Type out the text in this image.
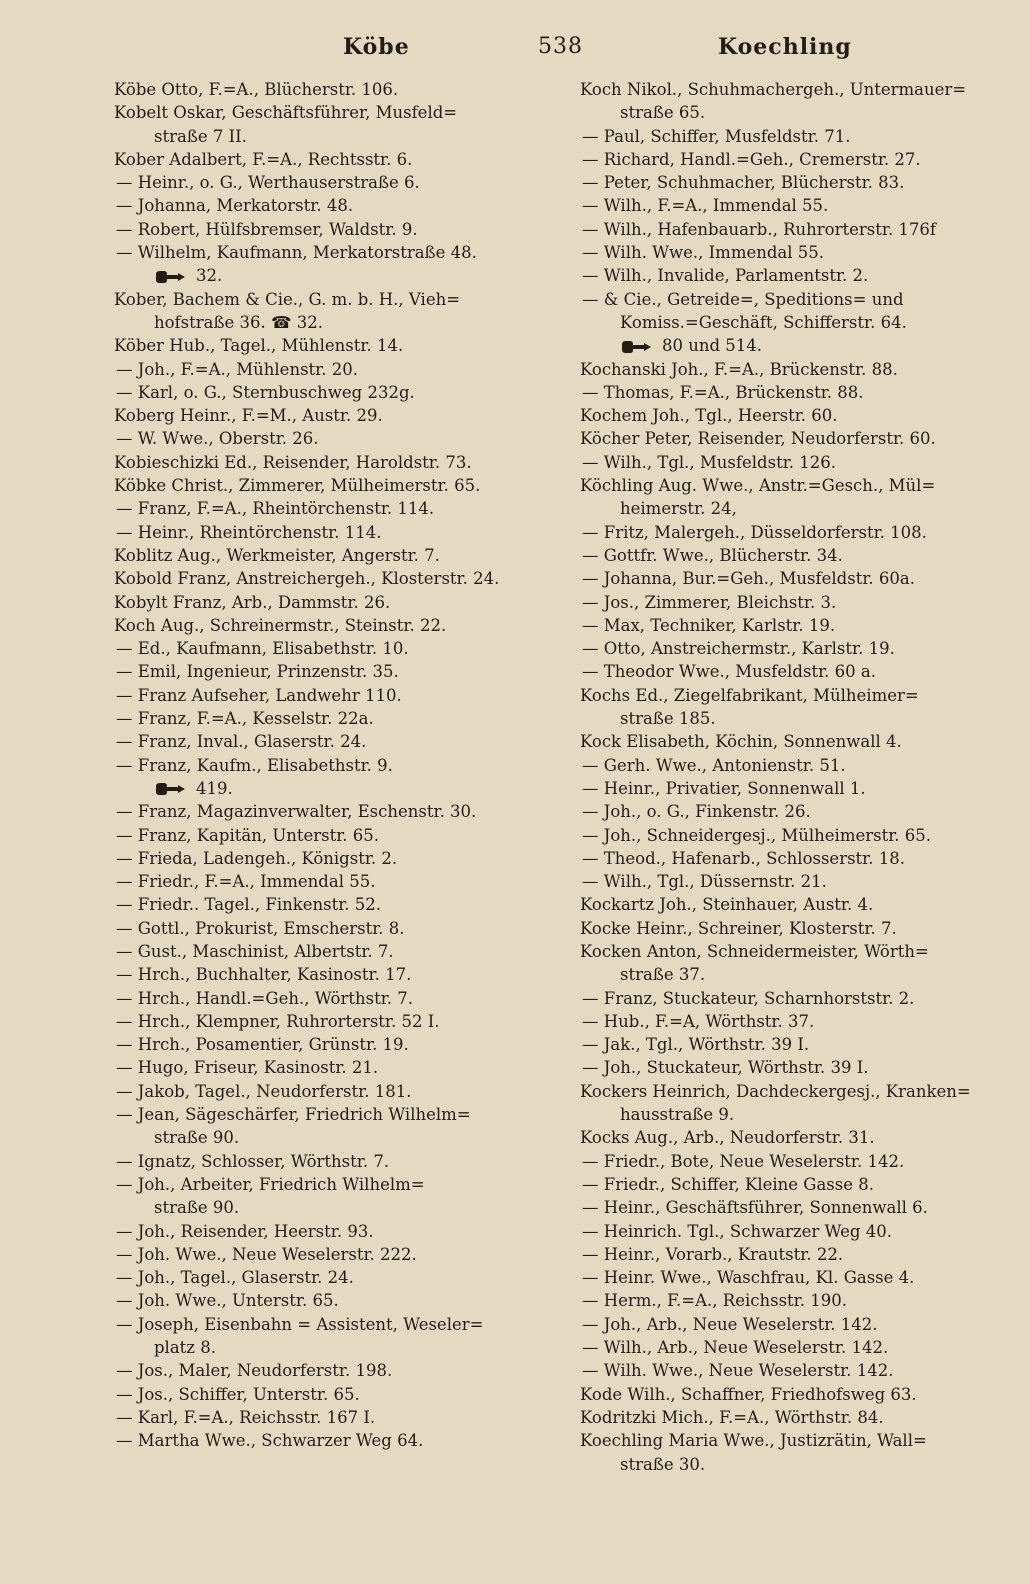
Köbe	538	Koechling
Köbe Otto, F.=A., Blücherstr. 106.
Kobelt Oskar, Geschäftsführer, Musfeld=
straße 7 II.
Kober Adalbert, F.=A., Rechtsstr. 6.
— Heinr., o. G., Werthauserstraße 6.
— Johanna, Merkatorstr. 48.
— Robert, Hülfsbremser, Waldstr. 9.
— Wilhelm, Kaufmann, Merkatorstraße 48.
32.
Kober, Bachem & Cie., G. m. b. H., Vieh=
hofstraße 36. ☎ 32.
Köber Hub., Tagel., Mühlenstr. 14.
— Joh., F.=A., Mühlenstr. 20.
— Karl, o. G., Sternbuschweg 232g.
Koberg Heinr., F.=M., Austr. 29.
— W. Wwe., Oberstr. 26.
Kobieschizki Ed., Reisender, Haroldstr. 73.
Köbke Christ., Zimmerer, Mülheimerstr. 65.
— Franz, F.=A., Rheintörchenstr. 114.
— Heinr., Rheintörchenstr. 114.
Koblitz Aug., Werkmeister, Angerstr. 7.
Kobold Franz, Anstreichergeh., Klosterstr. 24.
Kobylt Franz, Arb., Dammstr. 26.
Koch Aug., Schreinermstr., Steinstr. 22.
— Ed., Kaufmann, Elisabethstr. 10.
— Emil, Ingenieur, Prinzenstr. 35.
— Franz Aufseher, Landwehr 110.
— Franz, F.=A., Kesselstr. 22a.
— Franz, Inval., Glaserstr. 24.
— Franz, Kaufm., Elisabethstr. 9.
419.
— Franz, Magazinverwalter, Eschenstr. 30.
— Franz, Kapitän, Unterstr. 65.
— Frieda, Ladengeh., Königstr. 2.
— Friedr., F.=A., Immendal 55.
— Friedr.. Tagel., Finkenstr. 52.
— Gottl., Prokurist, Emscherstr. 8.
— Gust., Maschinist, Albertstr. 7.
— Hrch., Buchhalter, Kasinostr. 17.
— Hrch., Handl.=Geh., Wörthstr. 7.
— Hrch., Klempner, Ruhrorterstr. 52 I.
— Hrch., Posamentier, Grünstr. 19.
— Hugo, Friseur, Kasinostr. 21.
— Jakob, Tagel., Neudorferstr. 181.
— Jean, Sägeschärfer, Friedrich Wilhelm=
straße 90.
— Ignatz, Schlosser, Wörthstr. 7.
— Joh., Arbeiter, Friedrich Wilhelm=
straße 90.
— Joh., Reisender, Heerstr. 93.
— Joh. Wwe., Neue Weselerstr. 222.
— Joh., Tagel., Glaserstr. 24.
— Joh. Wwe., Unterstr. 65.
— Joseph, Eisenbahn = Assistent, Weseler=
platz 8.
— Jos., Maler, Neudorferstr. 198.
— Jos., Schiffer, Unterstr. 65.
— Karl, F.=A., Reichsstr. 167 I.
— Martha Wwe., Schwarzer Weg 64.
Koch Nikol., Schuhmachergeh., Untermauer=
straße 65.
— Paul, Schiffer, Musfeldstr. 71.
— Richard, Handl.=Geh., Cremerstr. 27.
— Peter, Schuhmacher, Blücherstr. 83.
— Wilh., F.=A., Immendal 55.
— Wilh., Hafenbauarb., Ruhrorterstr. 176f
— Wilh. Wwe., Immendal 55.
— Wilh., Invalide, Parlamentstr. 2.
— & Cie., Getreide=, Speditions= und
Komiss.=Geschäft, Schifferstr. 64.
80 und 514.
Kochanski Joh., F.=A., Brückenstr. 88.
— Thomas, F.=A., Brückenstr. 88.
Kochem Joh., Tgl., Heerstr. 60.
Köcher Peter, Reisender, Neudorferstr. 60.
— Wilh., Tgl., Musfeldstr. 126.
Köchling Aug. Wwe., Anstr.=Gesch., Mül=
heimerstr. 24,
— Fritz, Malergeh., Düsseldorferstr. 108.
— Gottfr. Wwe., Blücherstr. 34.
— Johanna, Bur.=Geh., Musfeldstr. 60a.
— Jos., Zimmerer, Bleichstr. 3.
— Max, Techniker, Karlstr. 19.
— Otto, Anstreichermstr., Karlstr. 19.
— Theodor Wwe., Musfeldstr. 60 a.
Kochs Ed., Ziegelfabrikant, Mülheimer=
straße 185.
Kock Elisabeth, Köchin, Sonnenwall 4.
— Gerh. Wwe., Antonienstr. 51.
— Heinr., Privatier, Sonnenwall 1.
— Joh., o. G., Finkenstr. 26.
— Joh., Schneidergesj., Mülheimerstr. 65.
— Theod., Hafenarb., Schlosserstr. 18.
— Wilh., Tgl., Düssernstr. 21.
Kockartz Joh., Steinhauer, Austr. 4.
Kocke Heinr., Schreiner, Klosterstr. 7.
Kocken Anton, Schneidermeister, Wörth=
straße 37.
— Franz, Stuckateur, Scharnhorststr. 2.
— Hub., F.=A, Wörthstr. 37.
— Jak., Tgl., Wörthstr. 39 I.
— Joh., Stuckateur, Wörthstr. 39 I.
Kockers Heinrich, Dachdeckergesj., Kranken=
hausstraße 9.
Kocks Aug., Arb., Neudorferstr. 31.
— Friedr., Bote, Neue Weselerstr. 142.
— Friedr., Schiffer, Kleine Gasse 8.
— Heinr., Geschäftsführer, Sonnenwall 6.
— Heinrich. Tgl., Schwarzer Weg 40.
— Heinr., Vorarb., Krautstr. 22.
— Heinr. Wwe., Waschfrau, Kl. Gasse 4.
— Herm., F.=A., Reichsstr. 190.
— Joh., Arb., Neue Weselerstr. 142.
— Wilh., Arb., Neue Weselerstr. 142.
— Wilh. Wwe., Neue Weselerstr. 142.
Kode Wilh., Schaffner, Friedhofsweg 63.
Kodritzki Mich., F.=A., Wörthstr. 84.
Koechling Maria Wwe., Justizrätin, Wall=
straße 30.
